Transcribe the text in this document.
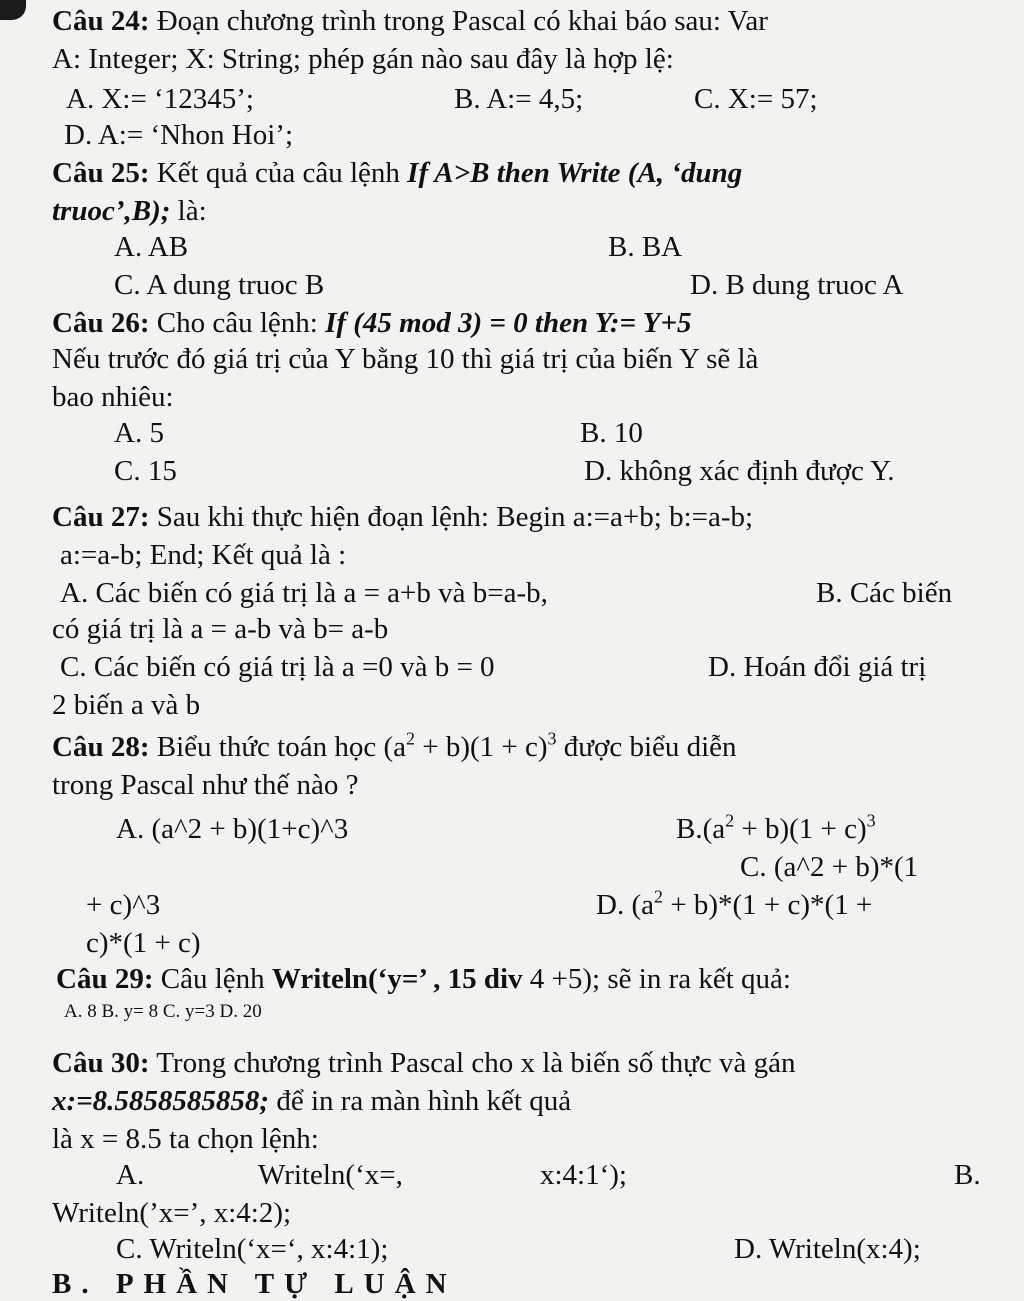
Câu 24: Đoạn chương trình trong Pascal có khai báo sau: Var
A: Integer; X: String; phép gán nào sau đây là hợp lệ:
A. X:= ‘12345’;	B. A:= 4,5;	C. X:= 57;
D. A:= ‘Nhon Hoi’;
Câu 25: Kết quả của câu lệnh If A>B then Write (A, ‘dung
truoc’,B); là:
A. AB	B. BA
C. A dung truoc B	D. B dung truoc A
Câu 26: Cho câu lệnh: If (45 mod 3) = 0 then Y:= Y+5
Nếu trước đó giá trị của Y bằng 10 thì giá trị của biến Y sẽ là
bao nhiêu:
A. 5	B. 10
C. 15	D. không xác định được Y.
Câu 27: Sau khi thực hiện đoạn lệnh: Begin a:=a+b; b:=a-b;
a:=a-b; End; Kết quả là :
A. Các biến có giá trị là a = a+b và b=a-b,	B. Các biến
có giá trị là a = a-b và b= a-b
C. Các biến có giá trị là a =0 và b = 0	D. Hoán đổi giá trị
2 biến a và b
Câu 28: Biểu thức toán học $(a^2 + b)(1 + c)^3$ được biểu diễn
trong Pascal như thế nào ?
A. (a^2 + b)(1+c)^3	$B.(a^2 + b)(1 + c)^3$
C. (a^2 + b)*(1
+ c)^3	D. $(a^2 + b)*(1 + c)*(1$ +
c)*(1 + c)
Câu 29: Câu lệnh Writeln(‘y=’ , 15 div 4 +5); sẽ in ra kết quả:
A. 8 B. y= 8 C. y=3 D. 20
Câu 30: Trong chương trình Pascal cho x là biến số thực và gán
x:=8.5858585858; để in ra màn hình kết quả
là x = 8.5 ta chọn lệnh:
A.	Writeln(‘x=,	x:4:1‘);	B.
Writeln(’x=’, x:4:2);
C. Writeln(‘x=‘, x:4:1);	D. Writeln(x:4);
B. PHẦN TỰ LUẬN
